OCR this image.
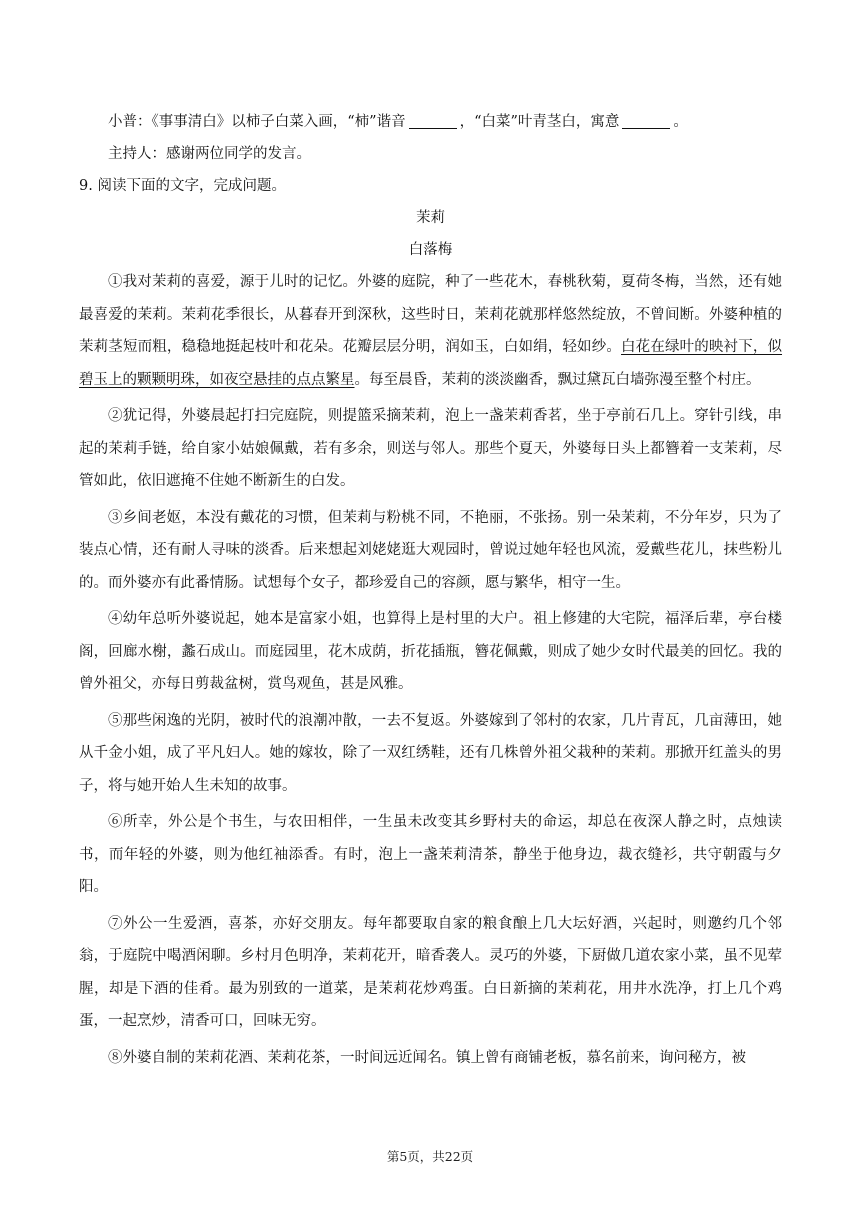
小普：《事事清白》以柿子白菜入画，“柿”谐音	，“白菜”叶青茎白，寓意	。

主持人：感谢两位同学的发言。

9. 阅读下面的文字，完成问题。

茉莉

白落梅

①我对茉莉的喜爱，源于儿时的记忆。外婆的庭院，种了一些花木，春桃秋菊，夏荷冬梅，当然，还有她最喜爱的茉莉。茉莉花季很长，从暮春开到深秋，这些时日，茉莉花就那样悠然绽放，不曾间断。外婆种植的茉莉茎短而粗，稳稳地挺起枝叶和花朵。花瓣层层分明，润如玉，白如绢，轻如纱。白花在绿叶的映衬下，似碧玉上的颗颗明珠，如夜空悬挂的点点繁星。每至晨昏，茉莉的淡淡幽香，飘过黛瓦白墙弥漫至整个村庄。

②犹记得，外婆晨起打扫完庭院，则提篮采摘茉莉，泡上一盏茉莉香茗，坐于亭前石几上。穿针引线，串起的茉莉手链，给自家小姑娘佩戴，若有多余，则送与邻人。那些个夏天，外婆每日头上都簪着一支茉莉，尽管如此，依旧遮掩不住她不断新生的白发。

③乡间老妪，本没有戴花的习惯，但茉莉与粉桃不同，不艳丽，不张扬。别一朵茉莉，不分年岁，只为了装点心情，还有耐人寻味的淡香。后来想起刘姥姥逛大观园时，曾说过她年轻也风流，爱戴些花儿，抹些粉儿的。而外婆亦有此番情肠。试想每个女子，都珍爱自己的容颜，愿与繁华，相守一生。

④幼年总听外婆说起，她本是富家小姐，也算得上是村里的大户。祖上修建的大宅院，福泽后辈，亭台楼阁，回廊水榭，蠡石成山。而庭园里，花木成荫，折花插瓶，簪花佩戴，则成了她少女时代最美的回忆。我的曾外祖父，亦每日剪裁盆树，赏鸟观鱼，甚是风雅。

⑤那些闲逸的光阴，被时代的浪潮冲散，一去不复返。外婆嫁到了邻村的农家，几片青瓦，几亩薄田，她从千金小姐，成了平凡妇人。她的嫁妆，除了一双红绣鞋，还有几株曾外祖父栽种的茉莉。那掀开红盖头的男子，将与她开始人生未知的故事。

⑥所幸，外公是个书生，与农田相伴，一生虽未改变其乡野村夫的命运，却总在夜深人静之时，点烛读书，而年轻的外婆，则为他红袖添香。有时，泡上一盏茉莉清茶，静坐于他身边，裁衣缝衫，共守朝霞与夕阳。

⑦外公一生爱酒，喜茶，亦好交朋友。每年都要取自家的粮食酿上几大坛好酒，兴起时，则邀约几个邻翁，于庭院中喝酒闲聊。乡村月色明净，茉莉花开，暗香袭人。灵巧的外婆，下厨做几道农家小菜，虽不见荤腥，却是下酒的佳肴。最为别致的一道菜，是茉莉花炒鸡蛋。白日新摘的茉莉花，用井水洗净，打上几个鸡蛋，一起烹炒，清香可口，回味无穷。

⑧外婆自制的茉莉花酒、茉莉花茶，一时间远近闻名。镇上曾有商铺老板，慕名前来，询问秘方，被

第5页，共22页
